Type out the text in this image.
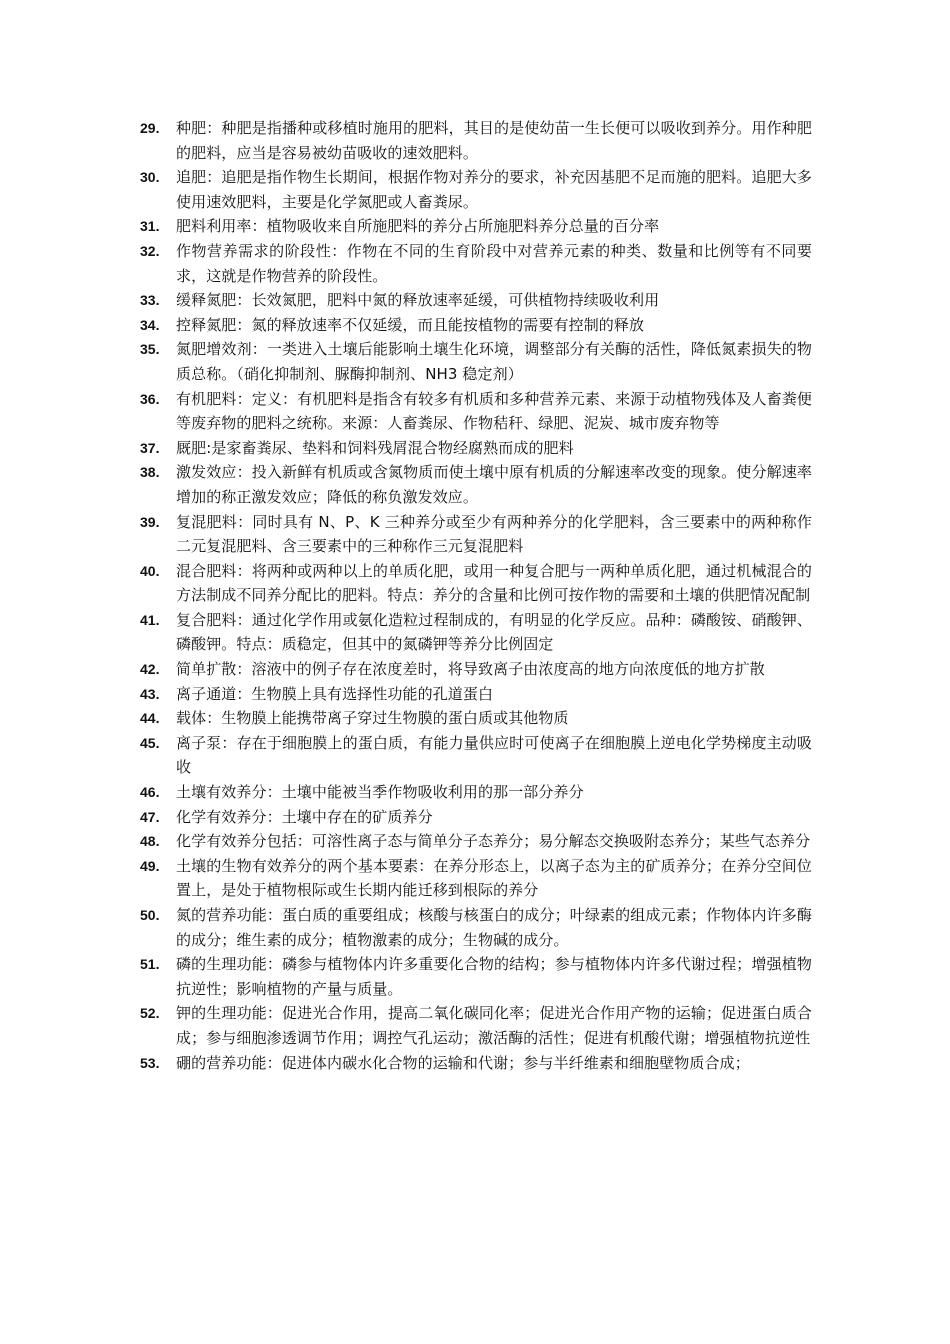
29.	种肥：种肥是指播种或移植时施用的肥料，其目的是使幼苗一生长便可以吸收到养分。用作种肥的肥料，应当是容易被幼苗吸收的速效肥料。
30.	追肥：追肥是指作物生长期间，根据作物对养分的要求，补充因基肥不足而施的肥料。追肥大多使用速效肥料，主要是化学氮肥或人畜粪尿。
31.	肥料利用率：植物吸收来自所施肥料的养分占所施肥料养分总量的百分率
32.	作物营养需求的阶段性：作物在不同的生育阶段中对营养元素的种类、数量和比例等有不同要求，这就是作物营养的阶段性。
33.	缓释氮肥：长效氮肥，肥料中氮的释放速率延缓，可供植物持续吸收利用
34.	控释氮肥：氮的释放速率不仅延缓，而且能按植物的需要有控制的释放
35.	氮肥增效剂：一类进入土壤后能影响土壤生化环境，调整部分有关酶的活性，降低氮素损失的物质总称。（硝化抑制剂、脲酶抑制剂、NH3 稳定剂）
36.	有机肥料：定义：有机肥料是指含有较多有机质和多种营养元素、来源于动植物残体及人畜粪便等废弃物的肥料之统称。来源：人畜粪尿、作物秸秆、绿肥、泥炭、城市废弃物等
37.	厩肥:是家畜粪尿、垫料和饲料残屑混合物经腐熟而成的肥料
38.	激发效应：投入新鲜有机质或含氮物质而使土壤中原有机质的分解速率改变的现象。使分解速率增加的称正激发效应；降低的称负激发效应。
39.	复混肥料：同时具有 N、P、K 三种养分或至少有两种养分的化学肥料，含三要素中的两种称作二元复混肥料、含三要素中的三种称作三元复混肥料
40.	混合肥料：将两种或两种以上的单质化肥，或用一种复合肥与一两种单质化肥，通过机械混合的方法制成不同养分配比的肥料。特点：养分的含量和比例可按作物的需要和土壤的供肥情况配制
41.	复合肥料：通过化学作用或氨化造粒过程制成的，有明显的化学反应。品种：磷酸铵、硝酸钾、磷酸钾。特点：质稳定，但其中的氮磷钾等养分比例固定
42.	简单扩散：溶液中的例子存在浓度差时，将导致离子由浓度高的地方向浓度低的地方扩散
43.	离子通道：生物膜上具有选择性功能的孔道蛋白
44.	载体：生物膜上能携带离子穿过生物膜的蛋白质或其他物质
45.	离子泵：存在于细胞膜上的蛋白质，有能力量供应时可使离子在细胞膜上逆电化学势梯度主动吸收
46.	土壤有效养分：土壤中能被当季作物吸收利用的那一部分养分
47.	化学有效养分：土壤中存在的矿质养分
48.	化学有效养分包括：可溶性离子态与简单分子态养分；易分解态交换吸附态养分；某些气态养分
49.	土壤的生物有效养分的两个基本要素：在养分形态上，以离子态为主的矿质养分；在养分空间位置上，是处于植物根际或生长期内能迁移到根际的养分
50.	氮的营养功能：蛋白质的重要组成；核酸与核蛋白的成分；叶绿素的组成元素；作物体内许多酶的成分；维生素的成分；植物激素的成分；生物碱的成分。
51.	磷的生理功能：磷参与植物体内许多重要化合物的结构；参与植物体内许多代谢过程；增强植物抗逆性；影响植物的产量与质量。
52.	钾的生理功能：促进光合作用，提高二氧化碳同化率；促进光合作用产物的运输；促进蛋白质合成；参与细胞渗透调节作用；调控气孔运动；激活酶的活性；促进有机酸代谢；增强植物抗逆性
53.	硼的营养功能：促进体内碳水化合物的运输和代谢；参与半纤维素和细胞壁物质合成；
